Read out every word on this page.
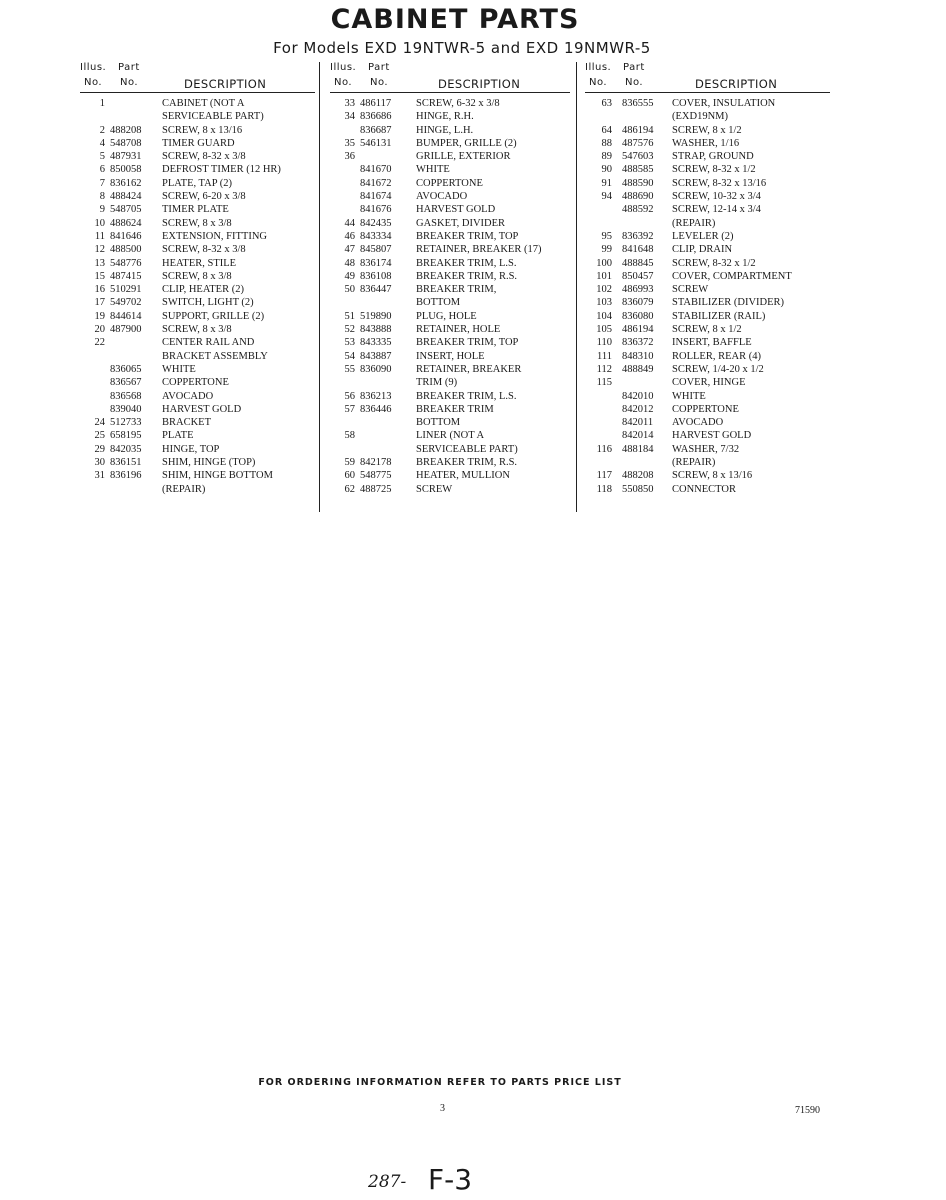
CABINET PARTS
For Models EXD 19NTWR-5 and EXD 19NMWR-5
Illus. Part
No. No.	DESCRIPTION
1	CABINET (NOT A
SERVICEABLE PART)
2 488208 SCREW, 8 x 13/16
4 548708 TIMER GUARD
5 487931 SCREW, 8-32 x 3/8
6 850058 DEFROST TIMER (12 HR)
7 836162 PLATE, TAP (2)
8 488424 SCREW, 6-20 x 3/8
9 548705 TIMER PLATE
10 488624 SCREW, 8 x 3/8
11 841646 EXTENSION, FITTING
12 488500 SCREW, 8-32 x 3/8
13 548776 HEATER, STILE
15 487415 SCREW, 8 x 3/8
16 510291 CLIP, HEATER (2)
17 549702 SWITCH, LIGHT (2)
19 844614 SUPPORT, GRILLE (2)
20 487900 SCREW, 8 x 3/8
22	CENTER RAIL AND
BRACKET ASSEMBLY
836065 WHITE
836567 COPPERTONE
836568 AVOCADO
839040 HARVEST GOLD
24 512733 BRACKET
25 658195 PLATE
29 842035 HINGE, TOP
30 836151 SHIM, HINGE (TOP)
31 836196 SHIM, HINGE BOTTOM
(REPAIR)
Illus. Part
No. No.	DESCRIPTION
33 486117 SCREW, 6-32 x 3/8
34 836686 HINGE, R.H.
836687 HINGE, L.H.
35 546131 BUMPER, GRILLE (2)
36	GRILLE, EXTERIOR
841670 WHITE
841672 COPPERTONE
841674 AVOCADO
841676 HARVEST GOLD
44 842435 GASKET, DIVIDER
46 843334 BREAKER TRIM, TOP
47 845807 RETAINER, BREAKER (17)
48 836174 BREAKER TRIM, L.S.
49 836108 BREAKER TRIM, R.S.
50 836447 BREAKER TRIM,
BOTTOM
51 519890 PLUG, HOLE
52 843888 RETAINER, HOLE
53 843335 BREAKER TRIM, TOP
54 843887 INSERT, HOLE
55 836090 RETAINER, BREAKER
TRIM (9)
56 836213 BREAKER TRIM, L.S.
57 836446 BREAKER TRIM
BOTTOM
58	LINER (NOT A
SERVICEABLE PART)
59 842178 BREAKER TRIM, R.S.
60 548775 HEATER, MULLION
62 488725 SCREW
Illus. Part
No. No.	DESCRIPTION
63 836555 COVER, INSULATION
(EXD19NM)
64 486194 SCREW, 8 x 1/2
88 487576 WASHER, 1/16
89 547603 STRAP, GROUND
90 488585 SCREW, 8-32 x 1/2
91 488590 SCREW, 8-32 x 13/16
94 488690 SCREW, 10-32 x 3/4
488592 SCREW, 12-14 x 3/4
(REPAIR)
95 836392 LEVELER (2)
99 841648 CLIP, DRAIN
100 488845 SCREW, 8-32 x 1/2
101 850457 COVER, COMPARTMENT
102 486993 SCREW
103 836079 STABILIZER (DIVIDER)
104 836080 STABILIZER (RAIL)
105 486194 SCREW, 8 x 1/2
110 836372 INSERT, BAFFLE
111 848310 ROLLER, REAR (4)
112 488849 SCREW, 1/4-20 x 1/2
115	COVER, HINGE
842010 WHITE
842012 COPPERTONE
842011 AVOCADO
842014 HARVEST GOLD
116 488184 WASHER, 7/32
(REPAIR)
117 488208 SCREW, 8 x 13/16
118 550850 CONNECTOR
FOR ORDERING INFORMATION REFER TO PARTS PRICE LIST
3	71590
287- F-3
